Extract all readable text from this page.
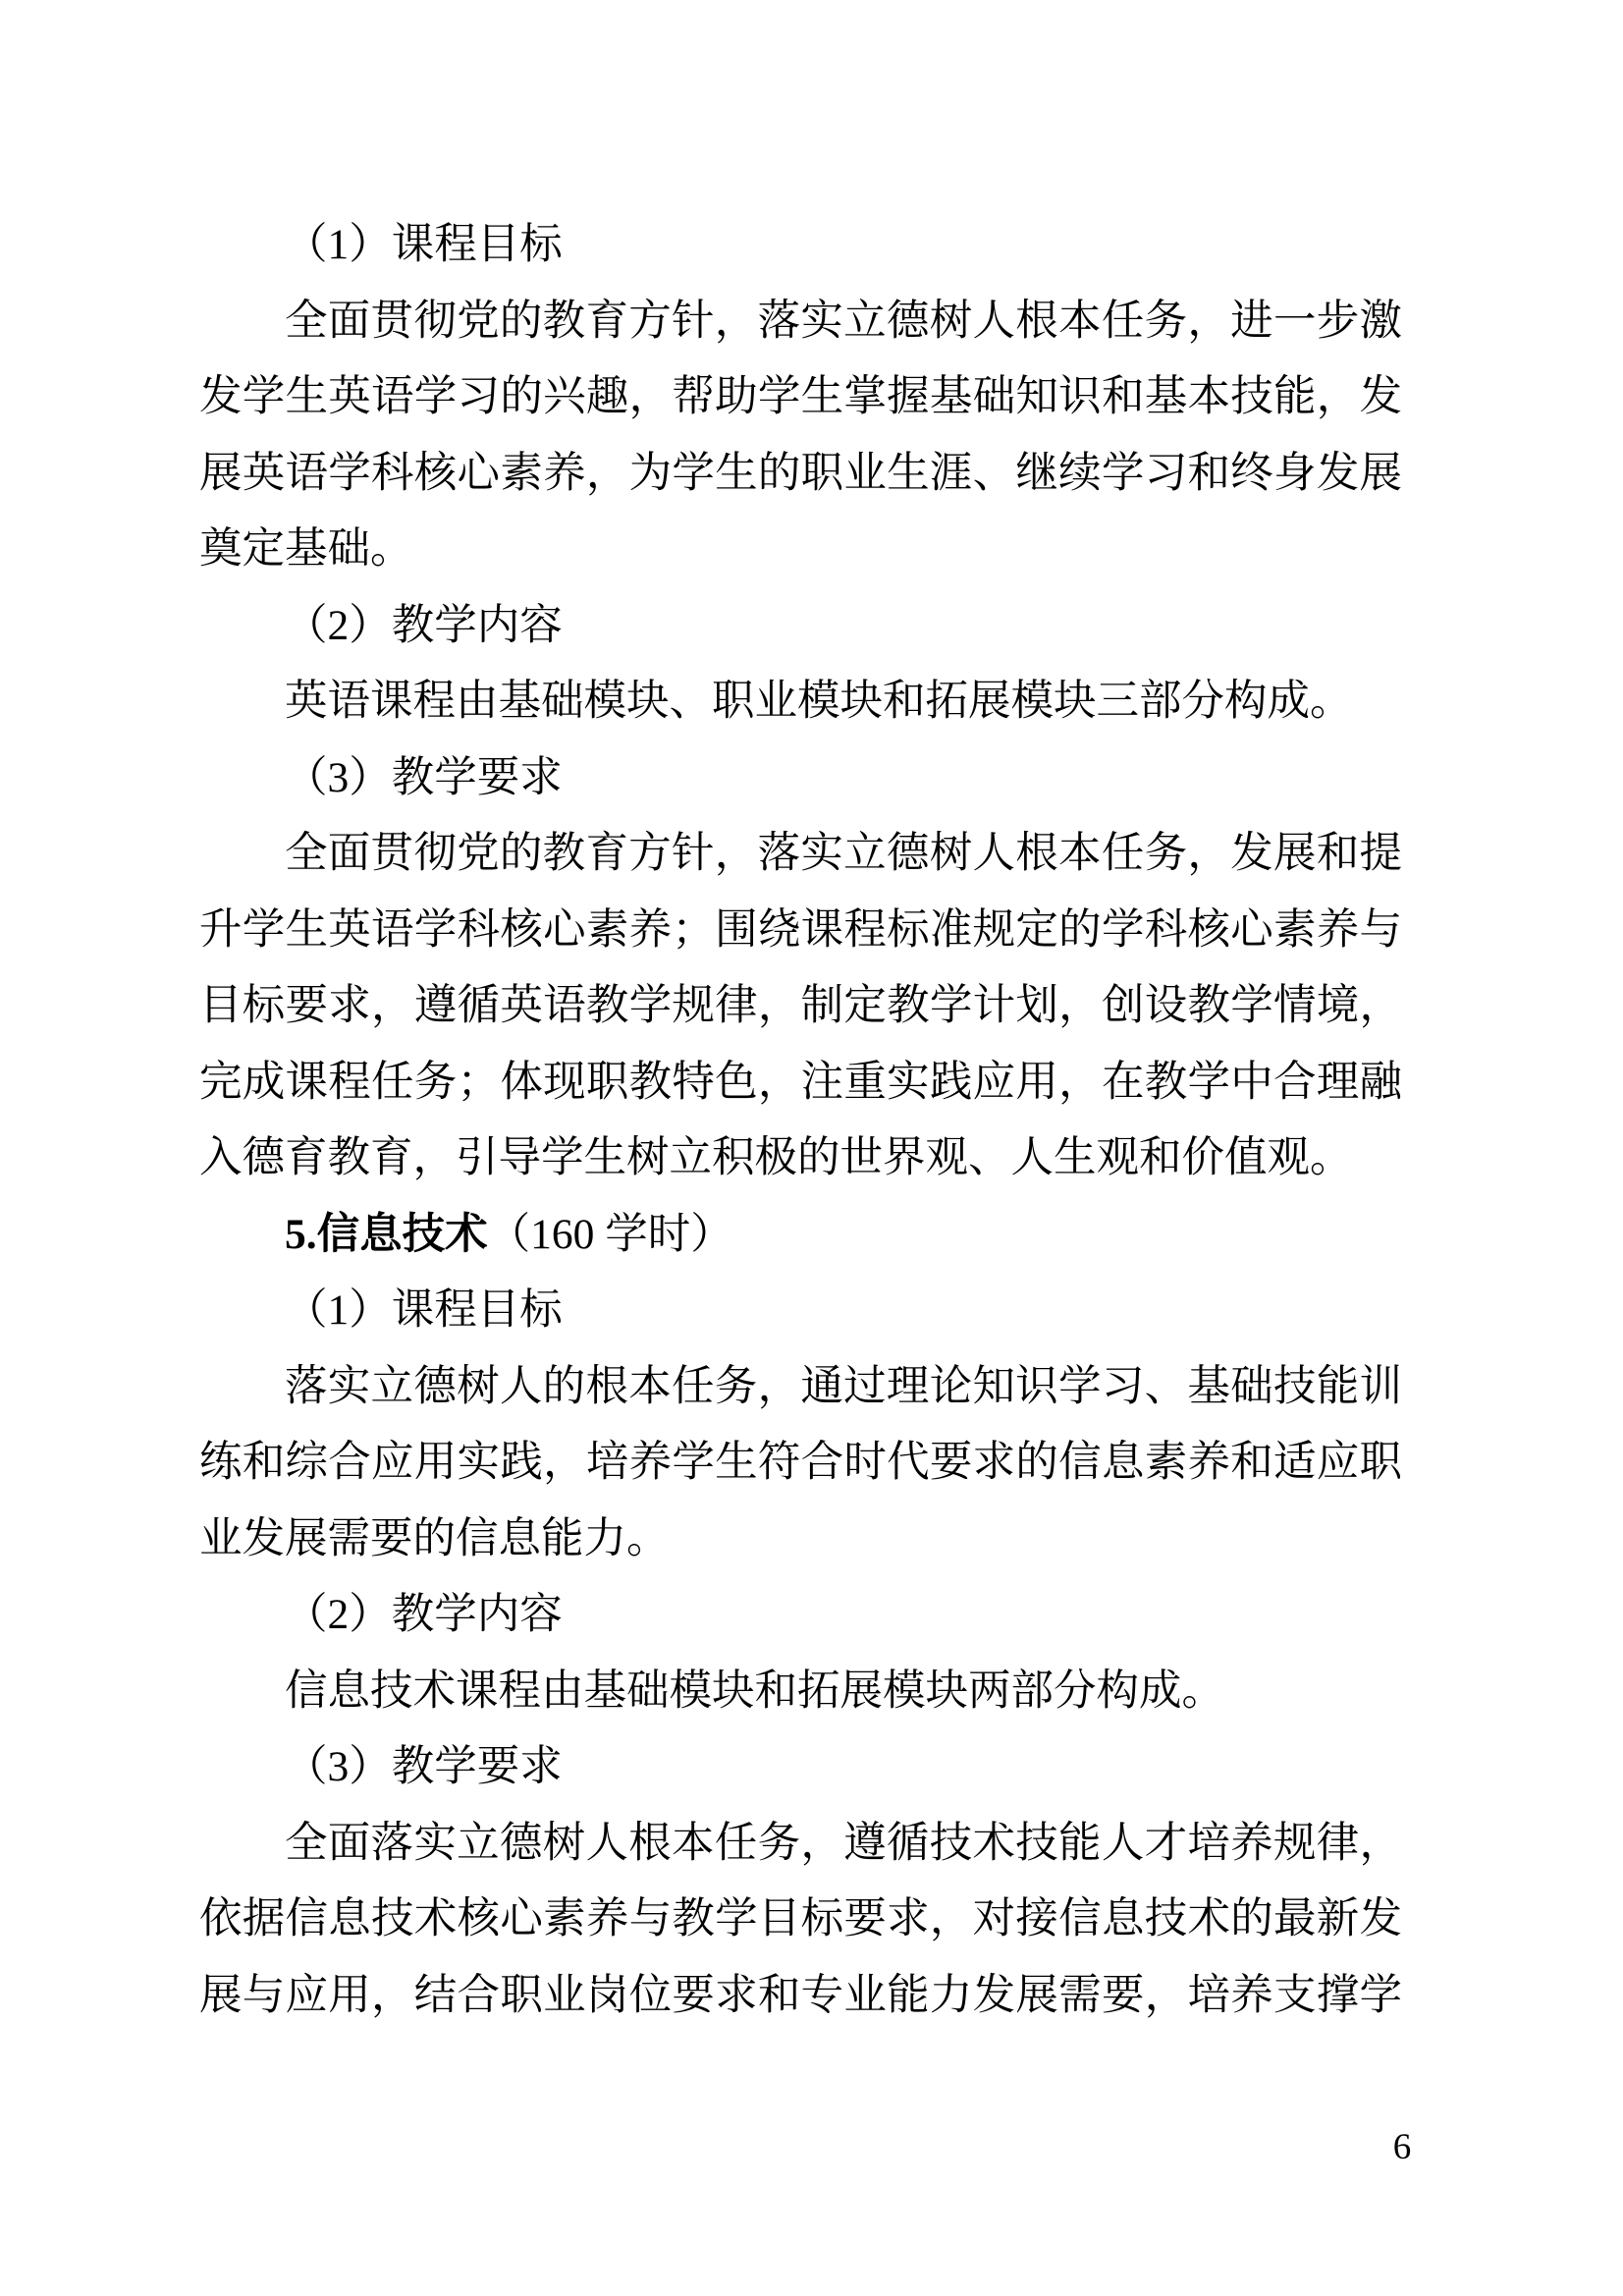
（1）课程目标
全面贯彻党的教育方针，落实立德树人根本任务，进一步激
发学生英语学习的兴趣，帮助学生掌握基础知识和基本技能，发
展英语学科核心素养，为学生的职业生涯、继续学习和终身发展
奠定基础。
（2）教学内容
英语课程由基础模块、职业模块和拓展模块三部分构成。
（3）教学要求
全面贯彻党的教育方针，落实立德树人根本任务，发展和提
升学生英语学科核心素养；围绕课程标准规定的学科核心素养与
目标要求，遵循英语教学规律，制定教学计划，创设教学情境，
完成课程任务；体现职教特色，注重实践应用，在教学中合理融
入德育教育，引导学生树立积极的世界观、人生观和价值观。
5.信息技术（160 学时）
（1）课程目标
落实立德树人的根本任务，通过理论知识学习、基础技能训
练和综合应用实践，培养学生符合时代要求的信息素养和适应职
业发展需要的信息能力。
（2）教学内容
信息技术课程由基础模块和拓展模块两部分构成。
（3）教学要求
全面落实立德树人根本任务，遵循技术技能人才培养规律，
依据信息技术核心素养与教学目标要求，对接信息技术的最新发
展与应用，结合职业岗位要求和专业能力发展需要，培养支撑学
6
